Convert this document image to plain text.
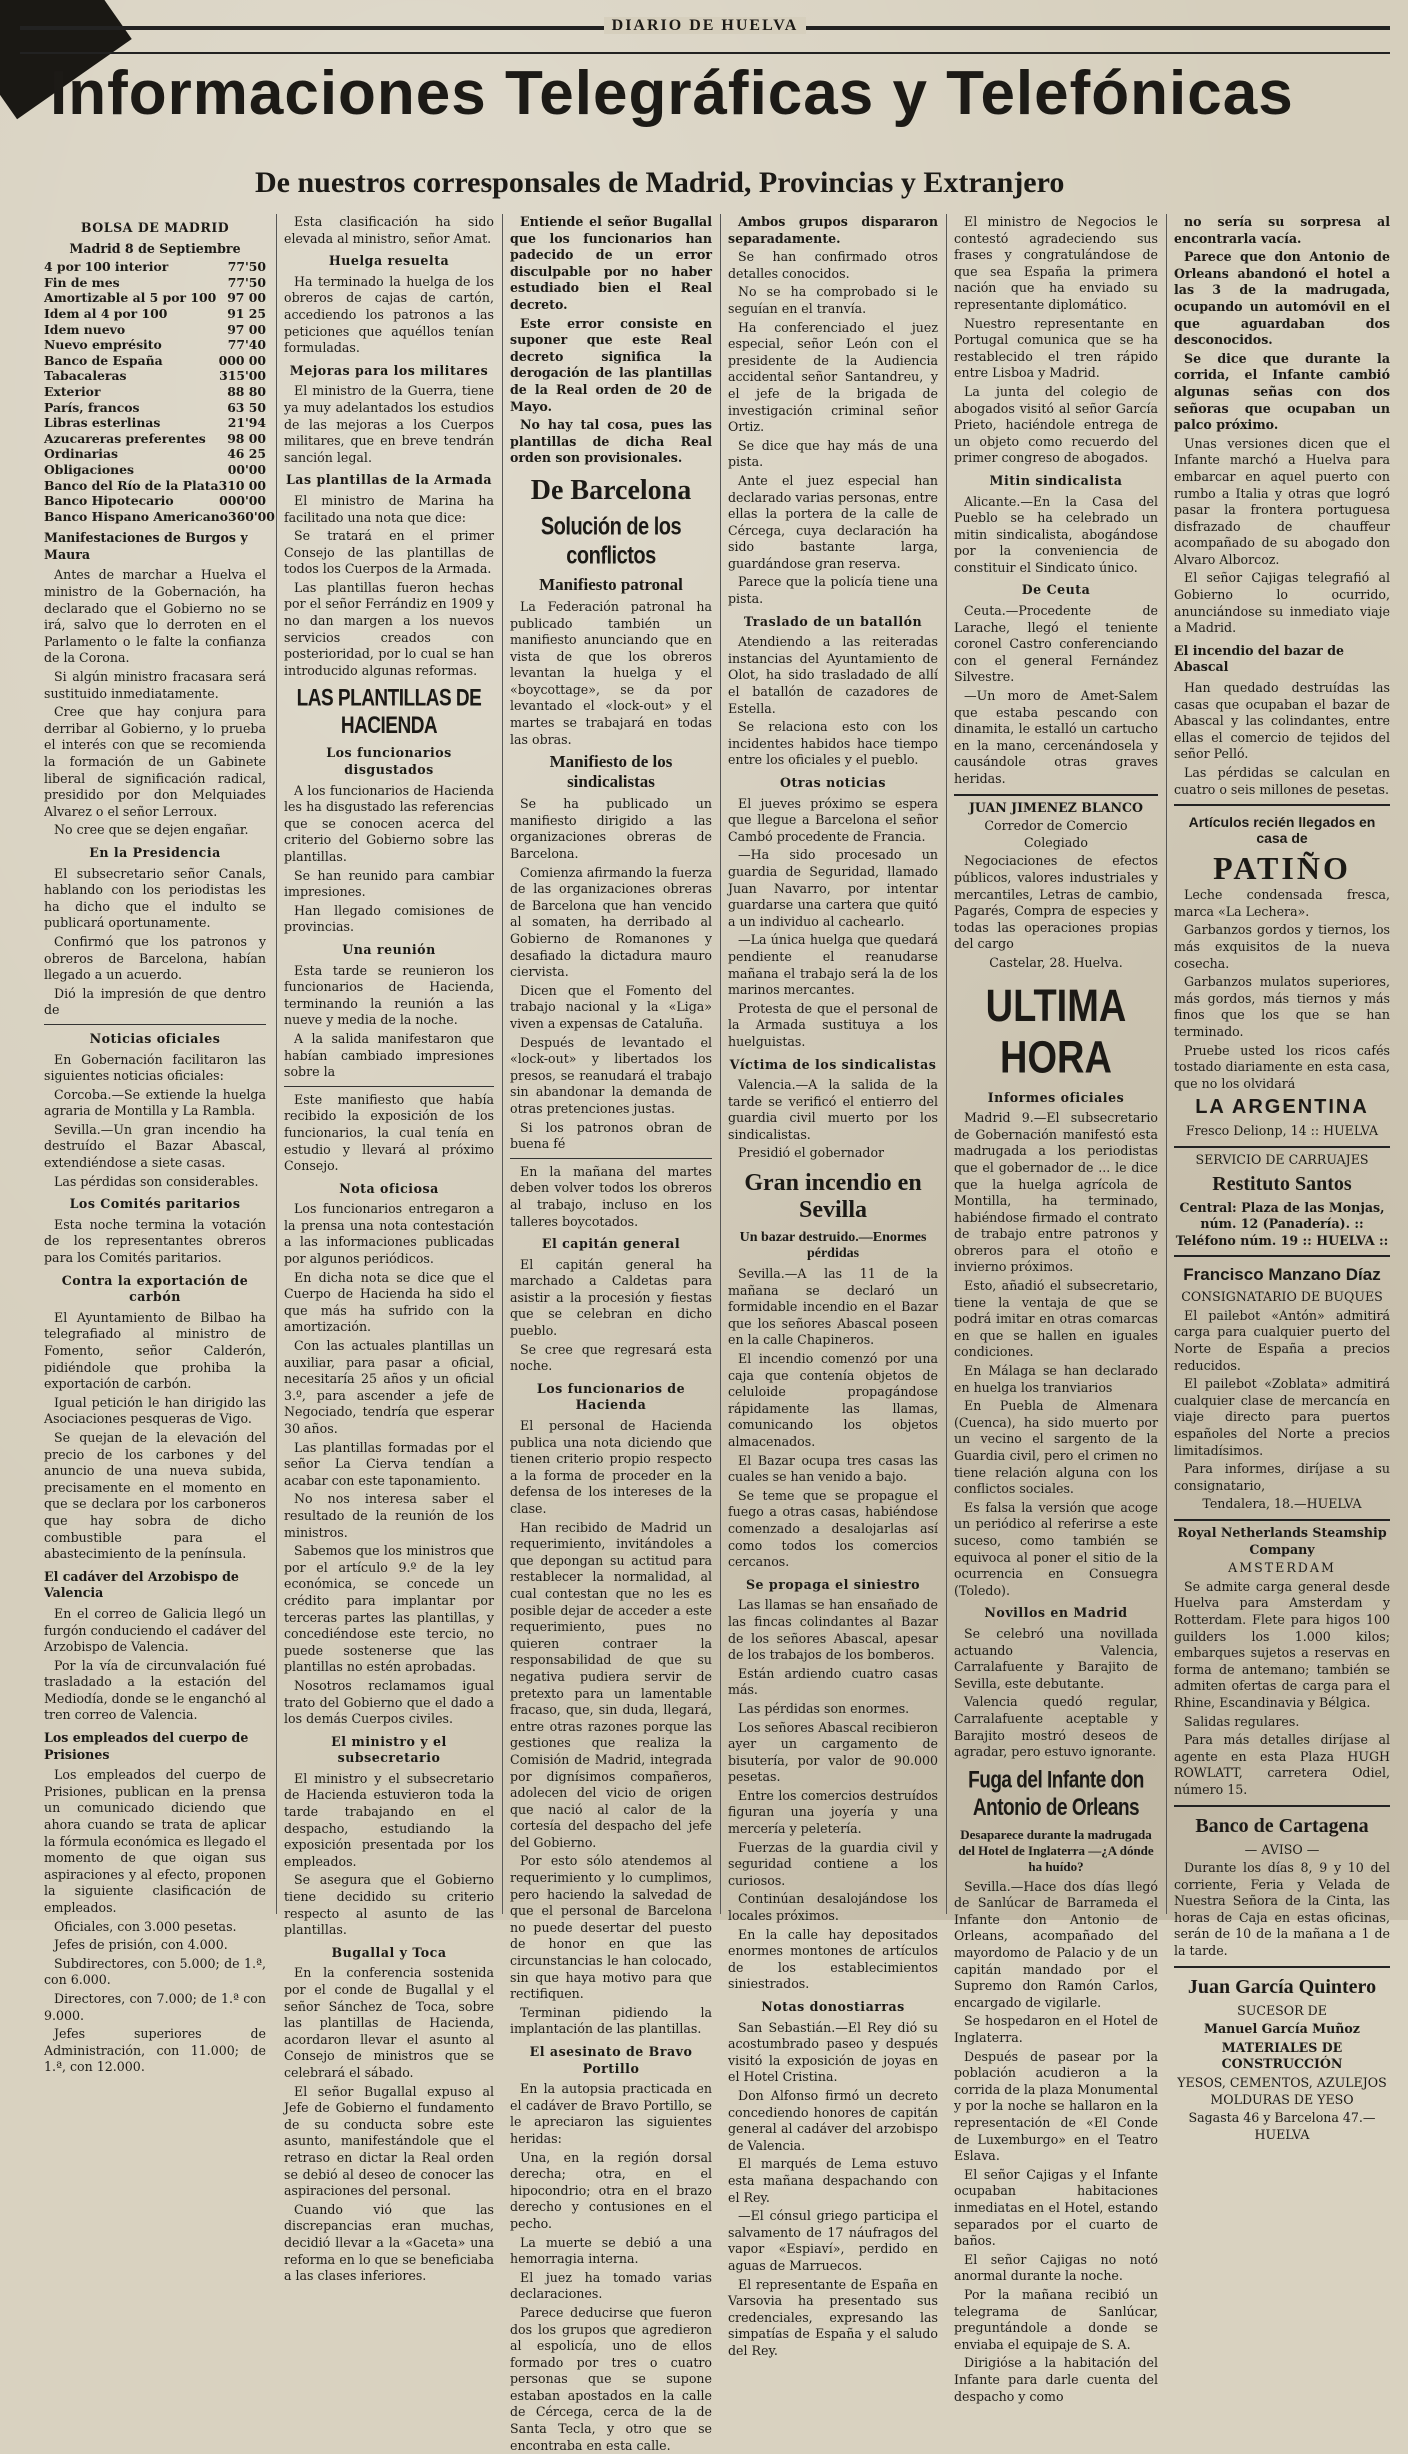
DIARIO DE HUELVA
Informaciones Telegráficas y Telefónicas
De nuestros corresponsales de Madrid, Provincias y Extranjero

BOLSA DE MADRID

Madrid 8 de Septiembre

4 por 100 interior	77'50
Fin de mes	77'50
Amortizable al 5 por 100 97 00
Idem al 4 por 100	91 25
Idem nuevo	97 00
Nuevo emprésito	77'40
Banco de España	000 00
Tabacaleras	315'00
Exterior	88 80
París, francos	63 50
Libras esterlinas	21'94
Azucareras preferentes 98 00
Ordinarias	46 25
Obligaciones	00'00
Banco del Río de la Plata 310 00
Banco Hipotecario	000'00
Banco Hispano Americano 360'00

Manifestaciones de Burgos y Maura

Antes de marchar a Huelva el ministro de la Gobernación, ha declarado que el Gobierno no se irá, salvo que lo derroten en el Parlamento o le falte la confianza de la Corona.

Si algún ministro fracasara será sustituido inmediatamente.

Cree que hay conjura para derribar al Gobierno, y lo prueba el interés con que se recomienda la formación de un Gabinete liberal de significación radical, presidido por don Melquiades Alvarez o el señor Lerroux.

No cree que se dejen engañar.

En la Presidencia

El subsecretario señor Canals, hablando con los periodistas les ha dicho que el indulto se publicará oportunamente.

Confirmó que los patronos y obreros de Barcelona, habían llegado a un acuerdo.

Dió la impresión de que dentro de

Noticias oficiales

En Gobernación facilitaron las siguientes noticias oficiales:

Corcoba.—Se extiende la huelga agraria de Montilla y La Rambla.

Sevilla.—Un gran incendio ha destruído el Bazar Abascal, extendiéndose a siete casas.

Las pérdidas son considerables.

Los Comités paritarios

Esta noche termina la votación de los representantes obreros para los Comités paritarios.

Contra la exportación de carbón

El Ayuntamiento de Bilbao ha telegrafiado al ministro de Fomento, señor Calderón, pidiéndole que prohiba la exportación de carbón.

Igual petición le han dirigido las Asociaciones pesqueras de Vigo.

Se quejan de la elevación del precio de los carbones y del anuncio de una nueva subida, precisamente en el momento en que se declara por los carboneros que hay sobra de dicho combustible para el abastecimiento de la península.

El cadáver del Arzobispo de Valencia

En el correo de Galicia llegó un furgón conduciendo el cadáver del Arzobispo de Valencia.

Por la vía de circunvalación fué trasladado a la estación del Mediodía, donde se le enganchó al tren correo de Valencia.

Los empleados del cuerpo de Prisiones

Los empleados del cuerpo de Prisiones, publican en la prensa un comunicado diciendo que ahora cuando se trata de aplicar la fórmula económica es llegado el momento de que oigan sus aspiraciones y al efecto, proponen la siguiente clasificación de empleados.

Oficiales, con 3.000 pesetas.

Jefes de prisión, con 4.000.

Subdirectores, con 5.000; de 1.ª, con 6.000.

Directores, con 7.000; de 1.ª con 9.000.

Jefes superiores de Administración, con 11.000; de 1.ª, con 12.000.

Esta clasificación ha sido elevada al ministro, señor Amat.

Huelga resuelta

Ha terminado la huelga de los obreros de cajas de cartón, accediendo los patronos a las peticiones que aquéllos tenían formuladas.

Mejoras para los militares

El ministro de la Guerra, tiene ya muy adelantados los estudios de las mejoras a los Cuerpos militares, que en breve tendrán sanción legal.

Las plantillas de la Armada

El ministro de Marina ha facilitado una nota que dice:

Se tratará en el primer Consejo de las plantillas de todos los Cuerpos de la Armada.

Las plantillas fueron hechas por el señor Ferrándiz en 1909 y no dan margen a los nuevos servicios creados con posterioridad, por lo cual se han introducido algunas reformas.

LAS PLANTILLAS DE HACIENDA

Los funcionarios disgustados

A los funcionarios de Hacienda les ha disgustado las referencias que se conocen acerca del criterio del Gobierno sobre las plantillas.

Se han reunido para cambiar impresiones.

Han llegado comisiones de provincias.

Una reunión

Esta tarde se reunieron los funcionarios de Hacienda, terminando la reunión a las nueve y media de la noche.

A la salida manifestaron que habían cambiado impresiones sobre la

Este manifiesto que había recibido la exposición de los funcionarios, la cual tenía en estudio y llevará al próximo Consejo.

Nota oficiosa

Los funcionarios entregaron a la prensa una nota contestación a las informaciones publicadas por algunos periódicos.

En dicha nota se dice que el Cuerpo de Hacienda ha sido el que más ha sufrido con la amortización.

Con las actuales plantillas un auxiliar, para pasar a oficial, necesitaría 25 años y un oficial 3.º, para ascender a jefe de Negociado, tendría que esperar 30 años.

Las plantillas formadas por el señor La Cierva tendían a acabar con este taponamiento.

No nos interesa saber el resultado de la reunión de los ministros.

Sabemos que los ministros que por el artículo 9.º de la ley económica, se concede un crédito para implantar por terceras partes las plantillas, y concediéndose este tercio, no puede sostenerse que las plantillas no estén aprobadas.

Nosotros reclamamos igual trato del Gobierno que el dado a los demás Cuerpos civiles.

El ministro y el subsecretario

El ministro y el subsecretario de Hacienda estuvieron toda la tarde trabajando en el despacho, estudiando la exposición presentada por los empleados.

Se asegura que el Gobierno tiene decidido su criterio respecto al asunto de las plantillas.

Bugallal y Toca

En la conferencia sostenida por el conde de Bugallal y el señor Sánchez de Toca, sobre las plantillas de Hacienda, acordaron llevar el asunto al Consejo de ministros que se celebrará el sábado.

El señor Bugallal expuso al Jefe de Gobierno el fundamento de su conducta sobre este asunto, manifestándole que el retraso en dictar la Real orden se debió al deseo de conocer las aspiraciones del personal.

Cuando vió que las discrepancias eran muchas, decidió llevar a la «Gaceta» una reforma en lo que se beneficiaba a las clases inferiores.

Entiende el señor Bugallal que los funcionarios han padecido de un error disculpable por no haber estudiado bien el Real decreto.

Este error consiste en suponer que este Real decreto significa la derogación de las plantillas de la Real orden de 20 de Mayo.

No hay tal cosa, pues las plantillas de dicha Real orden son provisionales.

De Barcelona
Solución de los conflictos
Manifiesto patronal

La Federación patronal ha publicado también un manifiesto anunciando que en vista de que los obreros levantan la huelga y el «boycottage», se da por levantado el «lock-out» y el martes se trabajará en todas las obras.

Manifiesto de los sindicalistas

Se ha publicado un manifiesto dirigido a las organizaciones obreras de Barcelona.

Comienza afirmando la fuerza de las organizaciones obreras de Barcelona que han vencido al somaten, ha derribado al Gobierno de Romanones y desafiado la dictadura mauro ciervista.

Dicen que el Fomento del trabajo nacional y la «Liga» viven a expensas de Cataluña.

Después de levantado el «lock-out» y libertados los presos, se reanudará el trabajo sin abandonar la demanda de otras pretenciones justas.

Si los patronos obran de buena fé

En la mañana del martes deben volver todos los obreros al trabajo, incluso en los talleres boycotados.

El capitán general

El capitán general ha marchado a Caldetas para asistir a la procesión y fiestas que se celebran en dicho pueblo.

Se cree que regresará esta noche.

Los funcionarios de Hacienda

El personal de Hacienda publica una nota diciendo que tienen criterio propio respecto a la forma de proceder en la defensa de los intereses de la clase.

Han recibido de Madrid un requerimiento, invitándoles a que depongan su actitud para restablecer la normalidad, al cual contestan que no les es posible dejar de acceder a este requerimiento, pues no quieren contraer la responsabilidad de que su negativa pudiera servir de pretexto para un lamentable fracaso, que, sin duda, llegará, entre otras razones porque las gestiones que realiza la Comisión de Madrid, integrada por dignísimos compañeros, adolecen del vicio de origen que nació al calor de la cortesía del despacho del jefe del Gobierno.

Por esto sólo atendemos al requerimiento y lo cumplimos, pero haciendo la salvedad de que el personal de Barcelona no puede desertar del puesto de honor en que las circunstancias le han colocado, sin que haya motivo para que rectifiquen.

Terminan pidiendo la implantación de las plantillas.

El asesinato de Bravo Portillo

En la autopsia practicada en el cadáver de Bravo Portillo, se le apreciaron las siguientes heridas:

Una, en la región dorsal derecha; otra, en el hipocondrio; otra en el brazo derecho y contusiones en el pecho.

La muerte se debió a una hemorragia interna.

El juez ha tomado varias declaraciones.

Parece deducirse que fueron dos los grupos que agredieron al espolicía, uno de ellos formado por tres o cuatro personas que se supone estaban apostados en la calle de Cércega, cerca de la de Santa Tecla, y otro que se encontraba en esta calle.

Ambos grupos dispararon separadamente.

Se han confirmado otros detalles conocidos.

No se ha comprobado si le seguían en el tranvía.

Ha conferenciado el juez especial, señor León con el presidente de la Audiencia accidental señor Santandreu, y el jefe de la brigada de investigación criminal señor Ortiz.

Se dice que hay más de una pista.

Ante el juez especial han declarado varias personas, entre ellas la portera de la calle de Cércega, cuya declaración ha sido bastante larga, guardándose gran reserva.

Parece que la policía tiene una pista.

Traslado de un batallón

Atendiendo a las reiteradas instancias del Ayuntamiento de Olot, ha sido trasladado de allí el batallón de cazadores de Estella.

Se relaciona esto con los incidentes habidos hace tiempo entre los oficiales y el pueblo.

Otras noticias

El jueves próximo se espera que llegue a Barcelona el señor Cambó procedente de Francia.

—Ha sido procesado un guardia de Seguridad, llamado Juan Navarro, por intentar guardarse una cartera que quitó a un individuo al cachearlo.

—La única huelga que quedará pendiente el reanudarse mañana el trabajo será la de los marinos mercantes.

Protesta de que el personal de la Armada sustituya a los huelguistas.

Víctima de los sindicalistas

Valencia.—A la salida de la tarde se verificó el entierro del guardia civil muerto por los sindicalistas.

Presidió el gobernador

Gran incendio en Sevilla
Un bazar destruido.—Enormes pérdidas

Sevilla.—A las 11 de la mañana se declaró un formidable incendio en el Bazar que los señores Abascal poseen en la calle Chapineros.

El incendio comenzó por una caja que contenía objetos de celuloide propagándose rápidamente las llamas, comunicando los objetos almacenados.

El Bazar ocupa tres casas las cuales se han venido a bajo.

Se teme que se propague el fuego a otras casas, habiéndose comenzado a desalojarlas así como todos los comercios cercanos.

Se propaga el siniestro

Las llamas se han ensañado de las fincas colindantes al Bazar de los señores Abascal, apesar de los trabajos de los bomberos.

Están ardiendo cuatro casas más.

Las pérdidas son enormes.

Los señores Abascal recibieron ayer un cargamento de bisutería, por valor de 90.000 pesetas.

Entre los comercios destruídos figuran una joyería y una mercería y peletería.

Fuerzas de la guardia civil y seguridad contiene a los curiosos.

Continúan desalojándose los locales próximos.

En la calle hay depositados enormes montones de artículos de los establecimientos siniestrados.

Notas donostiarras

San Sebastián.—El Rey dió su acostumbrado paseo y después visitó la exposición de joyas en el Hotel Cristina.

Don Alfonso firmó un decreto concediendo honores de capitán general al cadáver del arzobispo de Valencia.

El marqués de Lema estuvo esta mañana despachando con el Rey.

—El cónsul griego participa el salvamento de 17 náufragos del vapor «Espiaví», perdido en aguas de Marruecos.

El representante de España en Varsovia ha presentado sus credenciales, expresando las simpatías de España y el saludo del Rey.

El ministro de Negocios le contestó agradeciendo sus frases y congratulándose de que sea España la primera nación que ha enviado su representante diplomático.

Nuestro representante en Portugal comunica que se ha restablecido el tren rápido entre Lisboa y Madrid.

La junta del colegio de abogados visitó al señor García Prieto, haciéndole entrega de un objeto como recuerdo del primer congreso de abogados.

Mitin sindicalista

Alicante.—En la Casa del Pueblo se ha celebrado un mitin sindicalista, abogándose por la conveniencia de constituir el Sindicato único.

De Ceuta

Ceuta.—Procedente de Larache, llegó el teniente coronel Castro conferenciando con el general Fernández Silvestre.

—Un moro de Amet-Salem que estaba pescando con dinamita, le estalló un cartucho en la mano, cercenándosela y causándole otras graves heridas.

JUAN JIMENEZ BLANCO

Corredor de Comercio Colegiado

Negociaciones de efectos públicos, valores industriales y mercantiles, Letras de cambio, Pagarés, Compra de especies y todas las operaciones propias del cargo

Castelar, 28. Huelva.

ULTIMA HORA

Informes oficiales

Madrid 9.—El subsecretario de Gobernación manifestó esta madrugada a los periodistas que el gobernador de ... le dice que la huelga agrícola de Montilla, ha terminado, habiéndose firmado el contrato de trabajo entre patronos y obreros para el otoño e invierno próximos.

Esto, añadió el subsecretario, tiene la ventaja de que se podrá imitar en otras comarcas en que se hallen en iguales condiciones.

En Málaga se han declarado en huelga los tranviarios

En Puebla de Almenara (Cuenca), ha sido muerto por un vecino el sargento de la Guardia civil, pero el crimen no tiene relación alguna con los conflictos sociales.

Es falsa la versión que acoge un periódico al referirse a este suceso, como también se equivoca al poner el sitio de la ocurrencia en Consuegra (Toledo).

Novillos en Madrid

Se celebró una novillada actuando Valencia, Carralafuente y Barajito de Sevilla, este debutante.

Valencia quedó regular, Carralafuente aceptable y Barajito mostró deseos de agradar, pero estuvo ignorante.

Fuga del Infante don Antonio de Orleans
Desaparece durante la madrugada del Hotel de Inglaterra —¿A dónde ha huído?

Sevilla.—Hace dos días llegó de Sanlúcar de Barrameda el Infante don Antonio de Orleans, acompañado del mayordomo de Palacio y de un capitán mandado por el Supremo don Ramón Carlos, encargado de vigilarle.

Se hospedaron en el Hotel de Inglaterra.

Después de pasear por la población acudieron a la corrida de la plaza Monumental y por la noche se hallaron en la representación de «El Conde de Luxemburgo» en el Teatro Eslava.

El señor Cajigas y el Infante ocupaban habitaciones inmediatas en el Hotel, estando separados por el cuarto de baños.

El señor Cajigas no notó anormal durante la noche.

Por la mañana recibió un telegrama de Sanlúcar, preguntándole a donde se enviaba el equipaje de S. A.

Dirigióse a la habitación del Infante para darle cuenta del despacho y como

no sería su sorpresa al encontrarla vacía.

Parece que don Antonio de Orleans abandonó el hotel a las 3 de la madrugada, ocupando un automóvil en el que aguardaban dos desconocidos.

Se dice que durante la corrida, el Infante cambió algunas señas con dos señoras que ocupaban un palco próximo.

Unas versiones dicen que el Infante marchó a Huelva para embarcar en aquel puerto con rumbo a Italia y otras que logró pasar la frontera portuguesa disfrazado de chauffeur acompañado de su abogado don Alvaro Alborcoz.

El señor Cajigas telegrafió al Gobierno lo ocurrido, anunciándose su inmediato viaje a Madrid.

El incendio del bazar de Abascal

Han quedado destruídas las casas que ocupaban el bazar de Abascal y las colindantes, entre ellas el comercio de tejidos del señor Pelló.

Las pérdidas se calculan en cuatro o seis millones de pesetas.

Artículos recién llegados en casa de
PATIÑO

Leche condensada fresca, marca «La Lechera».

Garbanzos gordos y tiernos, los más exquisitos de la nueva cosecha.

Garbanzos mulatos superiores, más gordos, más tiernos y más finos que los que se han terminado.

Pruebe usted los ricos cafés tostado diariamente en esta casa, que no los olvidará

LA ARGENTINA

Fresco Delionp, 14 :: HUELVA

SERVICIO DE CARRUAJES

Restituto Santos

Central: Plaza de las Monjas, núm. 12 (Panadería). :: Teléfono núm. 19 :: HUELVA ::

Francisco Manzano Díaz

CONSIGNATARIO DE BUQUES

El pailebot «Antón» admitirá carga para cualquier puerto del Norte de España a precios reducidos.

El pailebot «Zoblata» admitirá cualquier clase de mercancía en viaje directo para puertos españoles del Norte a precios limitadísimos.

Para informes, diríjase a su consignatario,

Tendalera, 18.—HUELVA

Royal Netherlands Steamship Company

AMSTERDAM

Se admite carga general desde Huelva para Amsterdam y Rotterdam. Flete para higos 100 guilders los 1.000 kilos; embarques sujetos a reservas en forma de antemano; también se admiten ofertas de carga para el Rhine, Escandinavia y Bélgica.

Salidas regulares.

Para más detalles diríjase al agente en esta Plaza HUGH ROWLATT, carretera Odiel, número 15.

Banco de Cartagena

— AVISO —

Durante los días 8, 9 y 10 del corriente, Feria y Velada de Nuestra Señora de la Cinta, las horas de Caja en estas oficinas, serán de 10 de la mañana a 1 de la tarde.

Juan García Quintero

SUCESOR DE

Manuel García Muñoz

MATERIALES DE CONSTRUCCIÓN

YESOS, CEMENTOS, AZULEJOS MOLDURAS DE YESO

Sagasta 46 y Barcelona 47.—HUELVA
